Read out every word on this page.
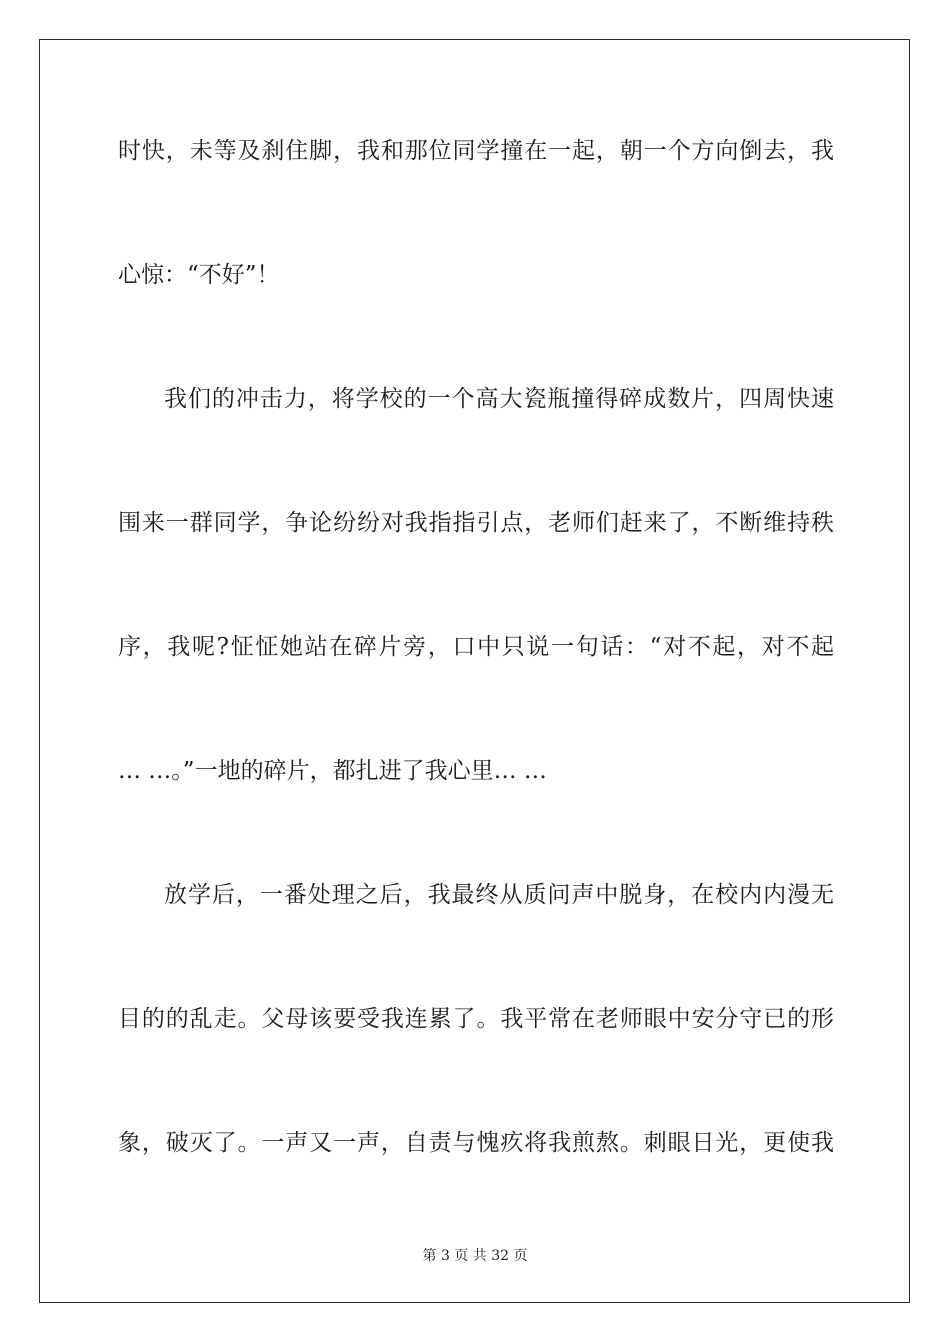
时快，未等及刹住脚，我和那位同学撞在一起，朝一个方向倒去，我

心惊：“不好”！

我们的冲击力，将学校的一个高大瓷瓶撞得碎成数片，四周快速

围来一群同学，争论纷纷对我指指引点，老师们赶来了，不断维持秩

序，我呢?怔怔她站在碎片旁，口中只说一句话：“对不起，对不起

… …。”一地的碎片，都扎进了我心里… …

放学后，一番处理之后，我最终从质问声中脱身，在校内内漫无

目的的乱走。父母该要受我连累了。我平常在老师眼中安分守已的形

象，破灭了。一声又一声，自责与愧疚将我煎熬。刺眼日光，更使我

第 3 页 共 32 页
